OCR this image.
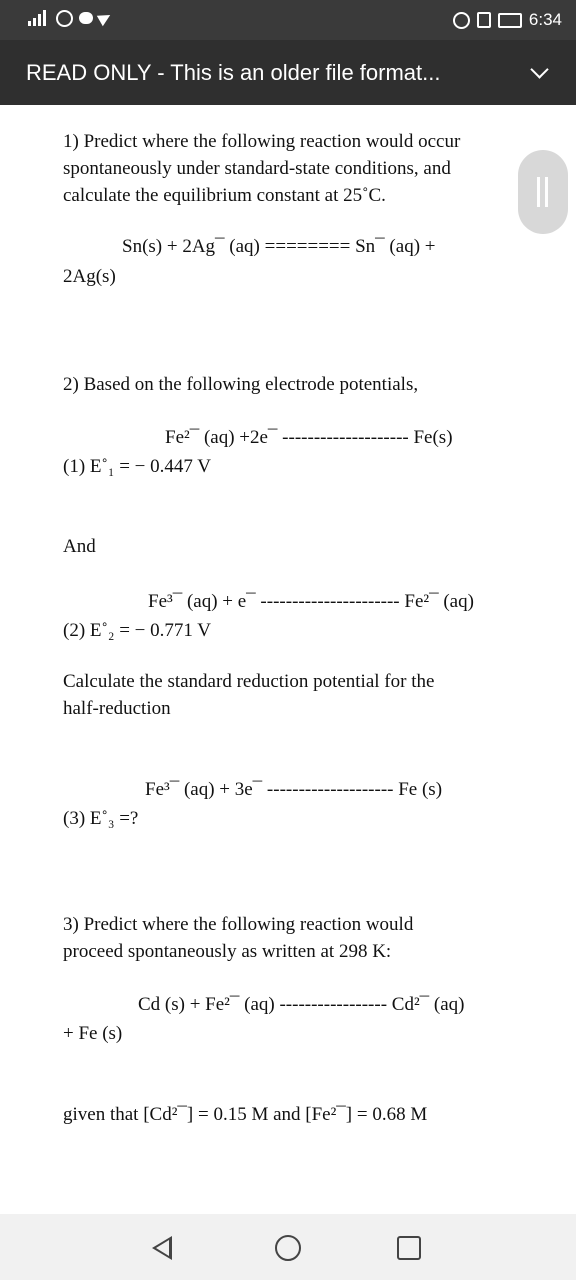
6:34
READ ONLY - This is an older file format...
1) Predict where the following reaction would occur
spontaneously under standard-state conditions, and
calculate the equilibrium constant at 25˚C.
Sn(s) + 2Ag¯ (aq) ======== Sn¯ (aq) +
2Ag(s)
2) Based on the following electrode potentials,
Fe²¯ (aq) +2e¯ -------------------- Fe(s)
(1) E˚₁ = − 0.447 V
And
Fe³¯ (aq) + e¯ ---------------------- Fe²¯ (aq)
(2) E˚₂ = − 0.771 V
Calculate the standard reduction potential for the
half-reduction
Fe³¯ (aq) + 3e¯ -------------------- Fe (s)
(3) E˚₃ =?
3) Predict where the following reaction would
proceed spontaneously as written at 298 K:
Cd (s) + Fe²¯ (aq) ----------------- Cd²¯ (aq)
+ Fe (s)
given that [Cd²¯] = 0.15 M and [Fe²¯] = 0.68 M
